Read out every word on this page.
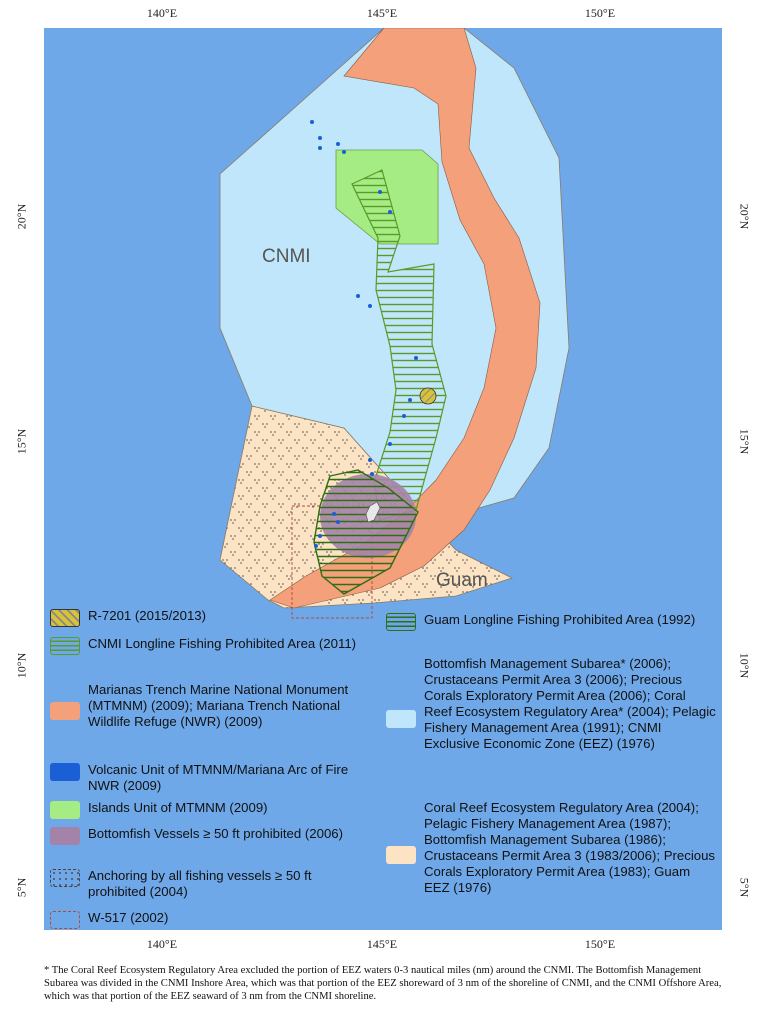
140°E	145°E	150°E
140°E	145°E	150°E
20°N
15°N
10°N
5°N
20°N
15°N
10°N
5°N
CNMI
Guam
R-7201 (2015/2013)
CNMI Longline Fishing Prohibited Area (2011)
Marianas Trench Marine National Monument (MTMNM) (2009); Mariana Trench National Wildlife Refuge (NWR) (2009)
Volcanic Unit of MTMNM/Mariana Arc of Fire NWR (2009)
Islands Unit of MTMNM (2009)
Bottomfish Vessels ≥ 50 ft prohibited (2006)
Anchoring by all fishing vessels ≥ 50 ft prohibited (2004)
W-517 (2002)
Guam Longline Fishing Prohibited Area (1992)
Bottomfish Management Subarea* (2006); Crustaceans Permit Area 3 (2006); Precious Corals Exploratory Permit Area (2006); Coral Reef Ecosystem Regulatory Area* (2004); Pelagic Fishery Management Area (1991); CNMI Exclusive Economic Zone (EEZ) (1976)
Coral Reef Ecosystem Regulatory Area (2004); Pelagic Fishery Management Area (1987); Bottomfish Management Subarea (1986); Crustaceans Permit Area 3 (1983/2006); Precious Corals Exploratory Permit Area (1983); Guam EEZ (1976)
* The Coral Reef Ecosystem Regulatory Area excluded the portion of EEZ waters 0-3 nautical miles (nm) around the CNMI. The Bottomfish Management Subarea was divided in the CNMI Inshore Area, which was that portion of the EEZ shoreward of 3 nm of the shoreline of CNMI, and the CNMI Offshore Area, which was that portion of the EEZ seaward of 3 nm from the CNMI shoreline.
